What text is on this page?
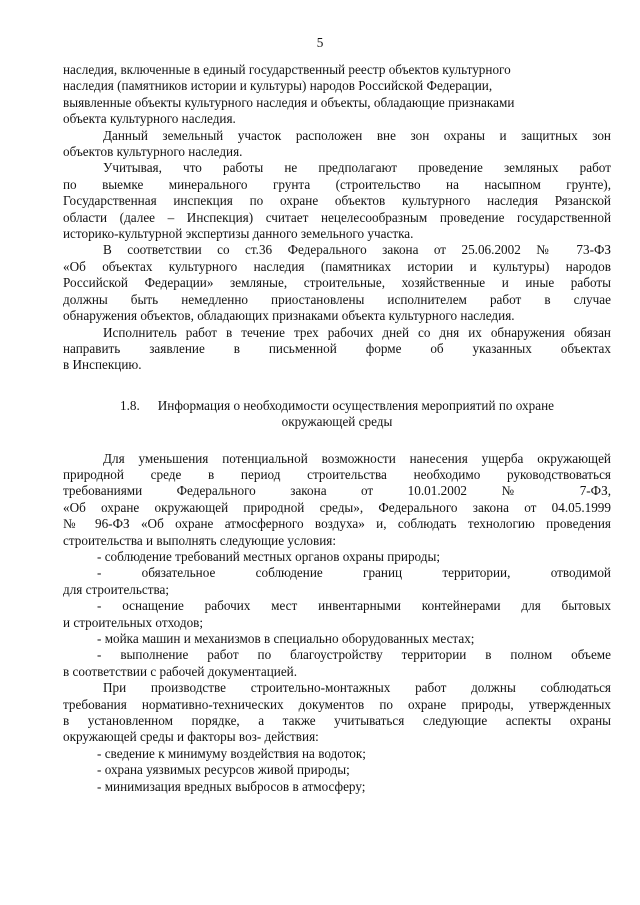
5
наследия, включенные в единый государственный реестр объектов культурного
наследия (памятников истории и культуры) народов Российской Федерации,
выявленные объекты культурного наследия и объекты, обладающие признаками
объекта культурного наследия.
Данный земельный участок расположен вне зон охраны и защитных зон
объектов культурного наследия.
Учитывая, что работы не предполагают проведение земляных работ
по выемке минерального грунта (строительство на насыпном грунте),
Государственная инспекция по охране объектов культурного наследия Рязанской
области (далее – Инспекция) считает нецелесообразным проведение государственной
историко-культурной экспертизы данного земельного участка.
В соответствии со ст.36 Федерального закона от 25.06.2002 № 73-ФЗ
«Об объектах культурного наследия (памятниках истории и культуры) народов
Российской Федерации» земляные, строительные, хозяйственные и иные работы
должны быть немедленно приостановлены исполнителем работ в случае
обнаружения объектов, обладающих признаками объекта культурного наследия.
Исполнитель работ в течение трех рабочих дней со дня их обнаружения обязан
направить заявление в письменной форме об указанных объектах
в Инспекцию.
1.8. Информация о необходимости осуществления мероприятий по охране
окружающей среды
Для уменьшения потенциальной возможности нанесения ущерба окружающей
природной среде в период строительства необходимо руководствоваться
требованиями Федерального закона от 10.01.2002 № 7-ФЗ,
«Об охране окружающей природной среды», Федерального закона от 04.05.1999
№ 96-ФЗ «Об охране атмосферного воздуха» и, соблюдать технологию проведения
строительства и выполнять следующие условия:
- соблюдение требований местных органов охраны природы;
- обязательное соблюдение границ территории, отводимой
для строительства;
- оснащение рабочих мест инвентарными контейнерами для бытовых
и строительных отходов;
- мойка машин и механизмов в специально оборудованных местах;
- выполнение работ по благоустройству территории в полном объеме
в соответствии с рабочей документацией.
При производстве строительно-монтажных работ должны соблюдаться
требования нормативно-технических документов по охране природы, утвержденных
в установленном порядке, а также учитываться следующие аспекты охраны
окружающей среды и факторы воз- действия:
- сведение к минимуму воздействия на водоток;
- охрана уязвимых ресурсов живой природы;
- минимизация вредных выбросов в атмосферу;
